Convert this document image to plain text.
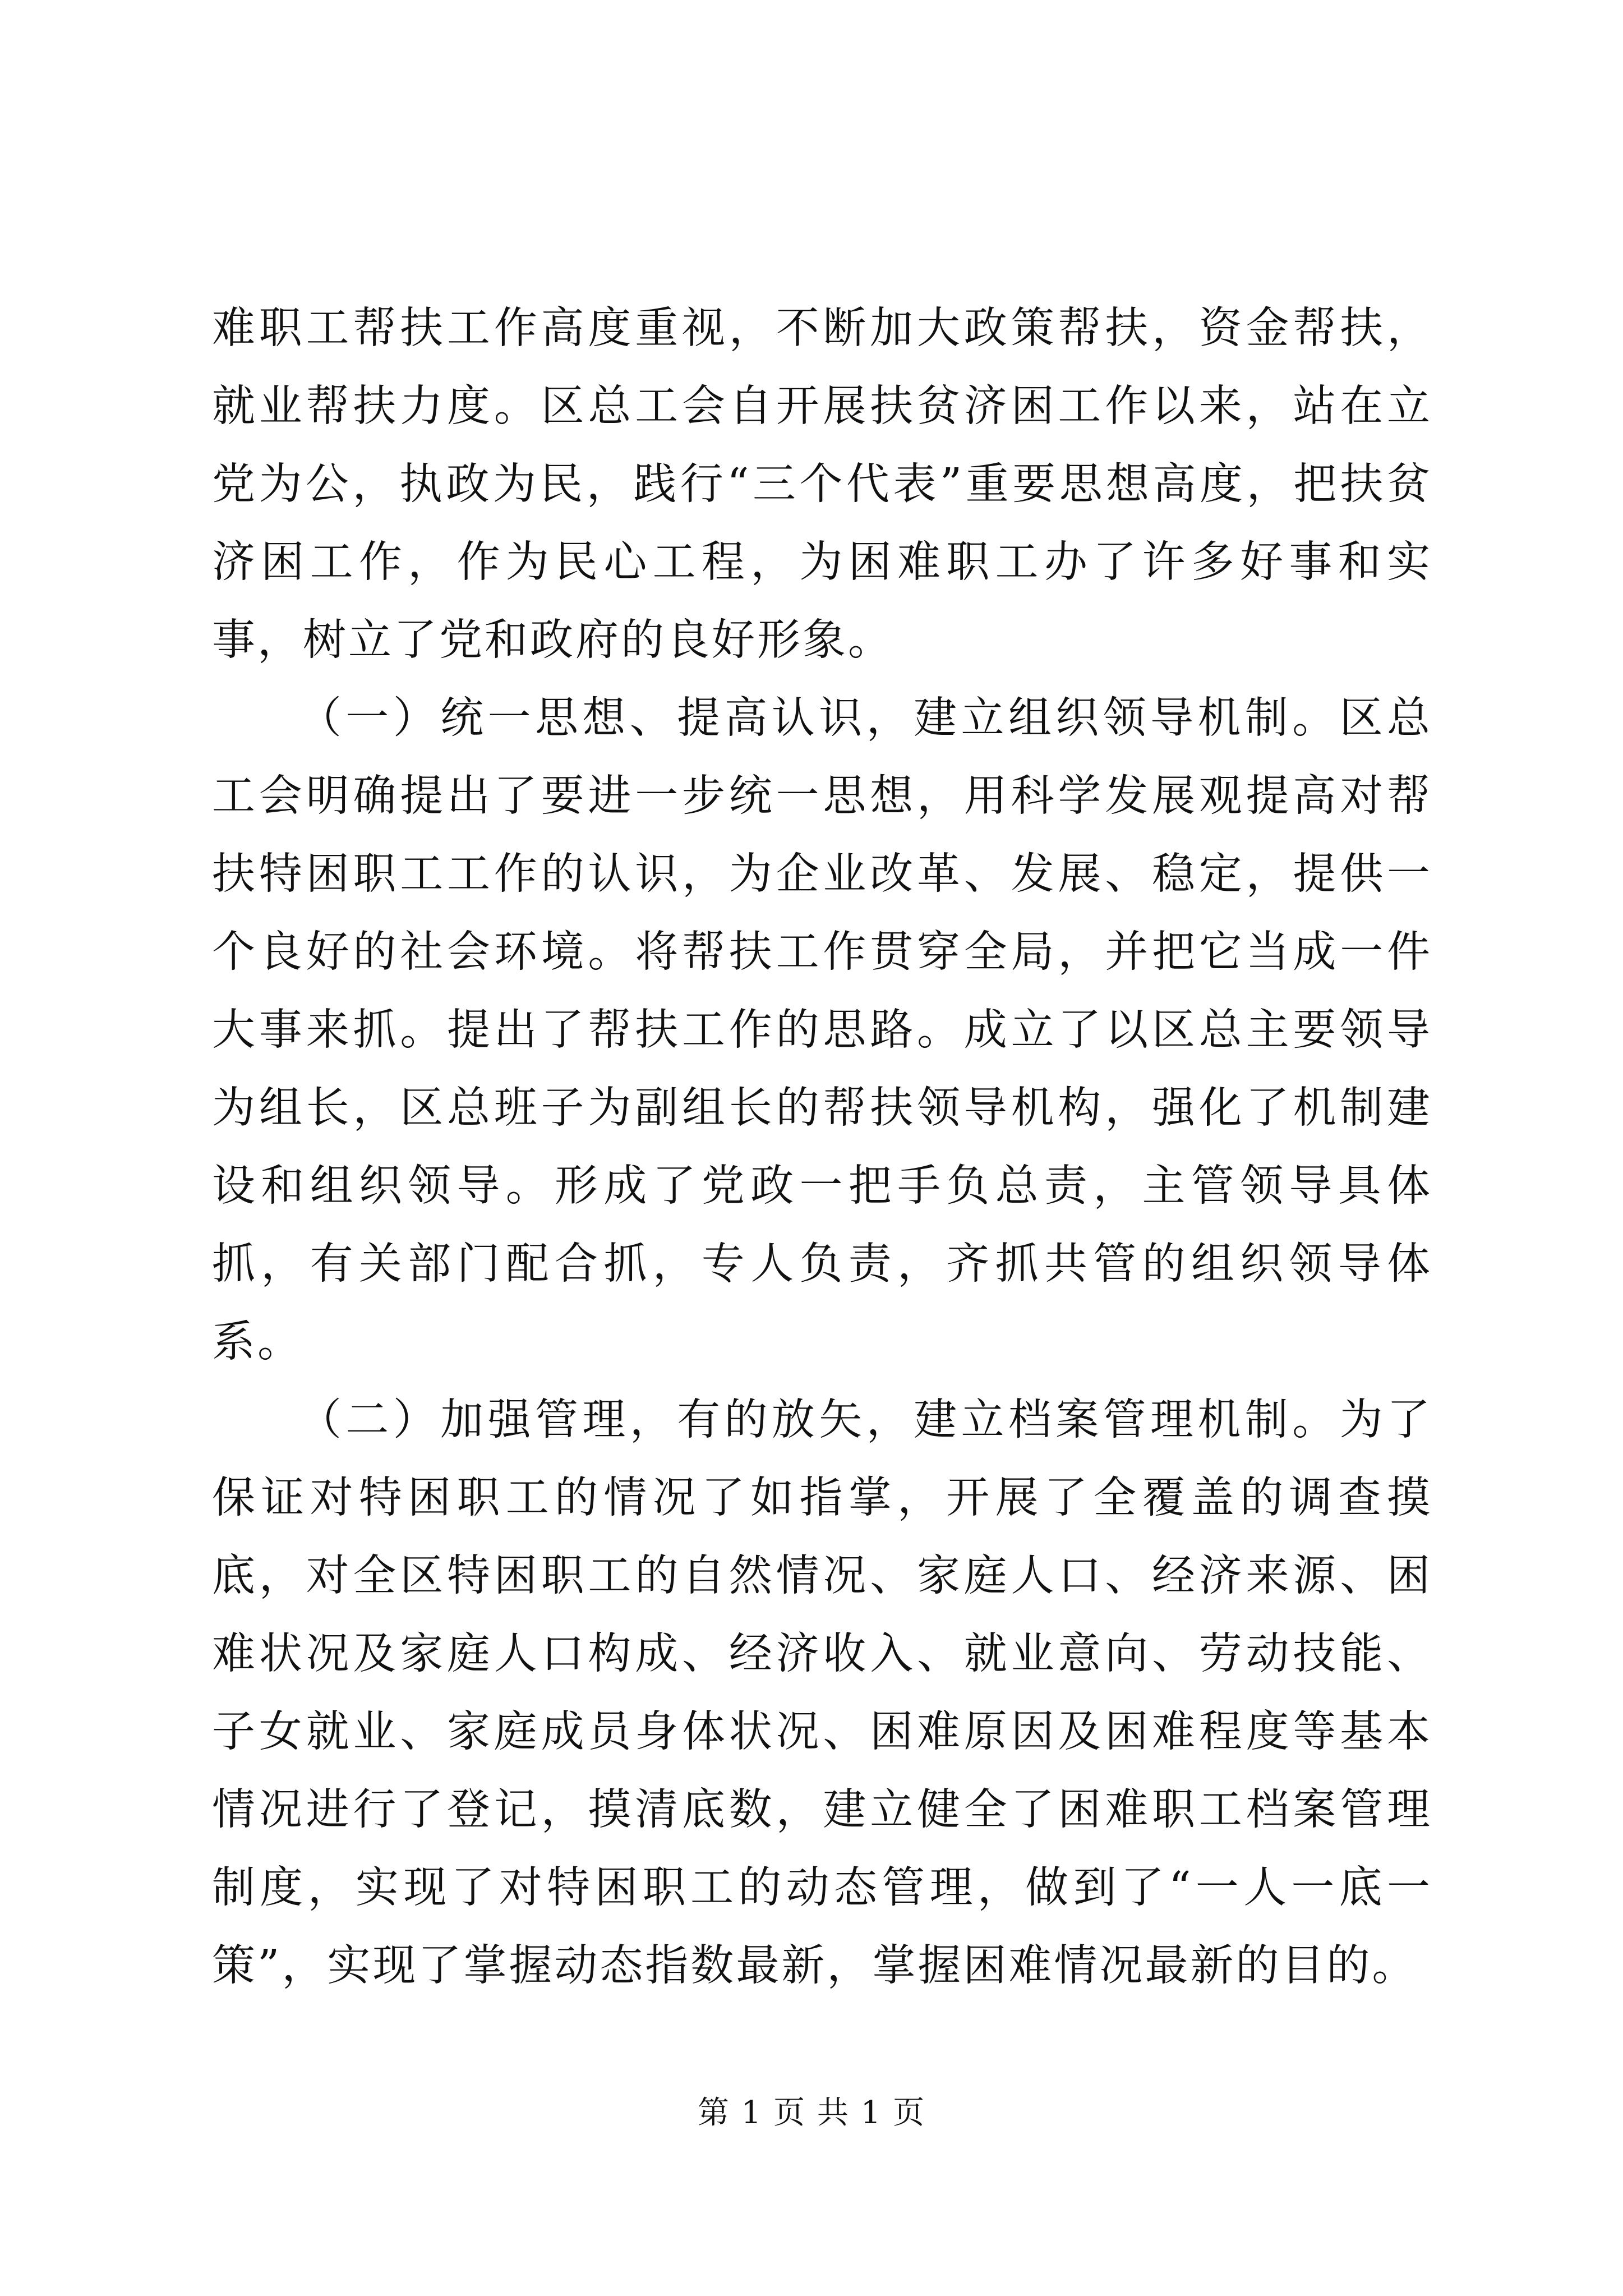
难职工帮扶工作高度重视，不断加大政策帮扶，资金帮扶，就业帮扶力度。区总工会自开展扶贫济困工作以来，站在立党为公，执政为民，践行“三个代表”重要思想高度，把扶贫济困工作，作为民心工程，为困难职工办了许多好事和实事，树立了党和政府的良好形象。

（一）统一思想、提高认识，建立组织领导机制。区总工会明确提出了要进一步统一思想，用科学发展观提高对帮扶特困职工工作的认识，为企业改革、发展、稳定，提供一个良好的社会环境。将帮扶工作贯穿全局，并把它当成一件大事来抓。提出了帮扶工作的思路。成立了以区总主要领导为组长，区总班子为副组长的帮扶领导机构，强化了机制建设和组织领导。形成了党政一把手负总责，主管领导具体抓，有关部门配合抓，专人负责，齐抓共管的组织领导体系。

（二）加强管理，有的放矢，建立档案管理机制。为了保证对特困职工的情况了如指掌，开展了全覆盖的调查摸底，对全区特困职工的自然情况、家庭人口、经济来源、困难状况及家庭人口构成、经济收入、就业意向、劳动技能、子女就业、家庭成员身体状况、困难原因及困难程度等基本情况进行了登记，摸清底数，建立健全了困难职工档案管理制度，实现了对特困职工的动态管理，做到了“一人一底一策”，实现了掌握动态指数最新，掌握困难情况最新的目的。

第 1 页 共 1 页
